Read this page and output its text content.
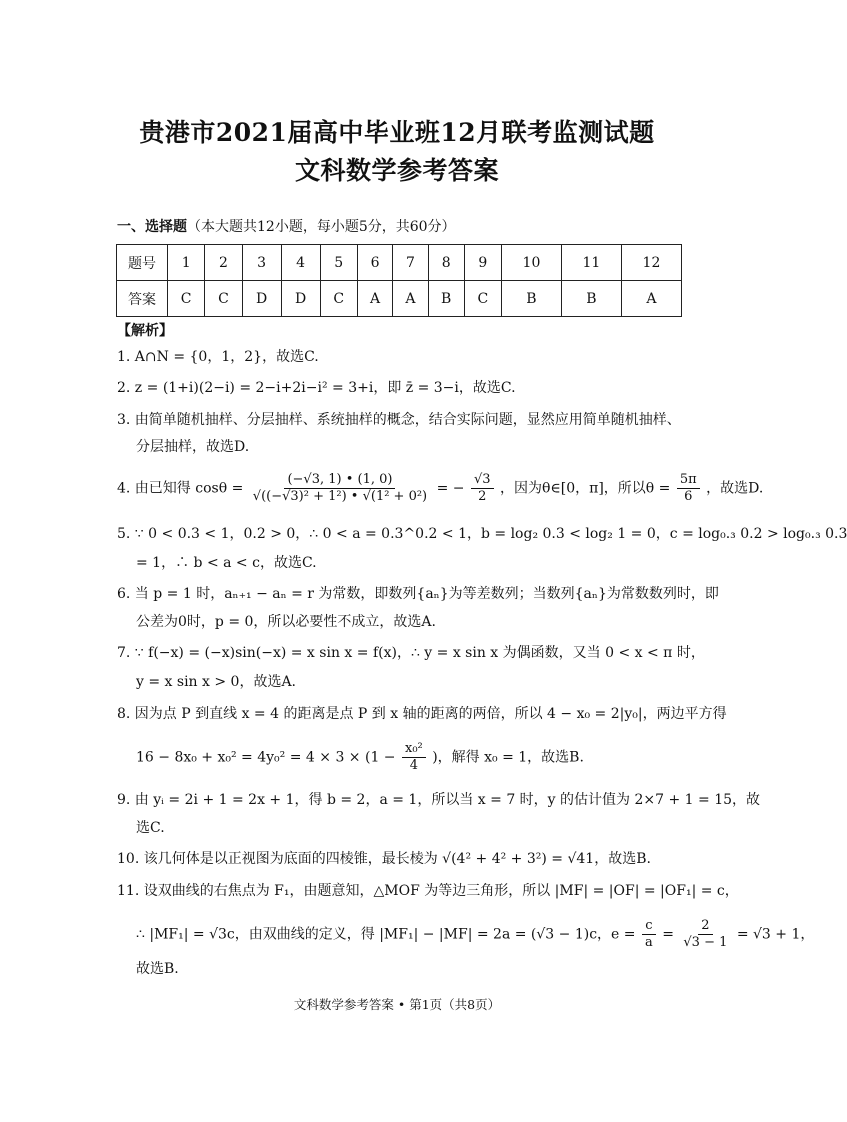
贵港市2021届高中毕业班12月联考监测试题
文科数学参考答案
一、选择题（本大题共12小题，每小题5分，共60分）
题号	1	2	3	4	5	6	7	8	9	10	11	12
答案	C	C	D	D	C	A	A	B	C	B	B	A
【解析】
1. A∩N = {0，1，2}，故选C.
2. z = (1+i)(2−i) = 2−i+2i−i² = 3+i，即 z̄ = 3−i，故选C.
3. 由简单随机抽样、分层抽样、系统抽样的概念，结合实际问题，显然应用简单随机抽样、
分层抽样，故选D.
4. 由已知得 $\cos\theta = \frac{(-√3, 1) • (1, 0)}{\text{√((−√3)² + 1²) • √(1² + 0²)}}$ = − $\frac{√3}{2}$ ，因为θ∈[0，π]，所以$\theta = \frac{5\pi}{6}$ ，故选D.
5. ∵ 0 < 0.3 < 1，0.2 > 0，∴ 0 < a = 0.3^0.2 < 1，b = log₂ 0.3 < log₂ 1 = 0，c = log₀.₃ 0.2 > log₀.₃ 0.3
= 1，∴ b < a < c，故选C.
6. 当 p = 1 时，aₙ₊₁ − aₙ = r 为常数，即数列{aₙ}为等差数列；当数列{aₙ}为常数数列时，即
公差为0时，p = 0，所以必要性不成立，故选A.
7. ∵ f(−x) = (−x)sin(−x) = x sin x = f(x)，∴ y = x sin x 为偶函数，又当 0 < x < π 时，
y = x sin x > 0，故选A.
8. 因为点 P 到直线 x = 4 的距离是点 P 到 x 轴的距离的两倍，所以 4 − x₀ = 2|y₀|，两边平方得
$16 - 8x_0 + x_0^2 = 4y_0^2 = 4 \times 3 \times (1 - \frac{\text{x₀²}}{4}$ )，解得 x₀ = 1，故选B.
9. 由 yᵢ = 2i + 1 = 2x + 1，得 b = 2，a = 1，所以当 x = 7 时，y 的估计值为 2×7 + 1 = 15，故
选C.
10. 该几何体是以正视图为底面的四棱锥，最长棱为 √(4² + 4² + 3²) = √41，故选B.
11. 设双曲线的右焦点为 F₁，由题意知，△MOF 为等边三角形，所以 |MF| = |OF| = |OF₁| = c，
∴ |MF₁| = √3c，由双曲线的定义，得 |MF₁| − |MF| = 2a = (√3 − 1)c，$e = \frac{c}{a} = \frac{2}{√3 - 1} = √3 + 1$，
故选B.
文科数学参考答案 • 第1页（共8页）
